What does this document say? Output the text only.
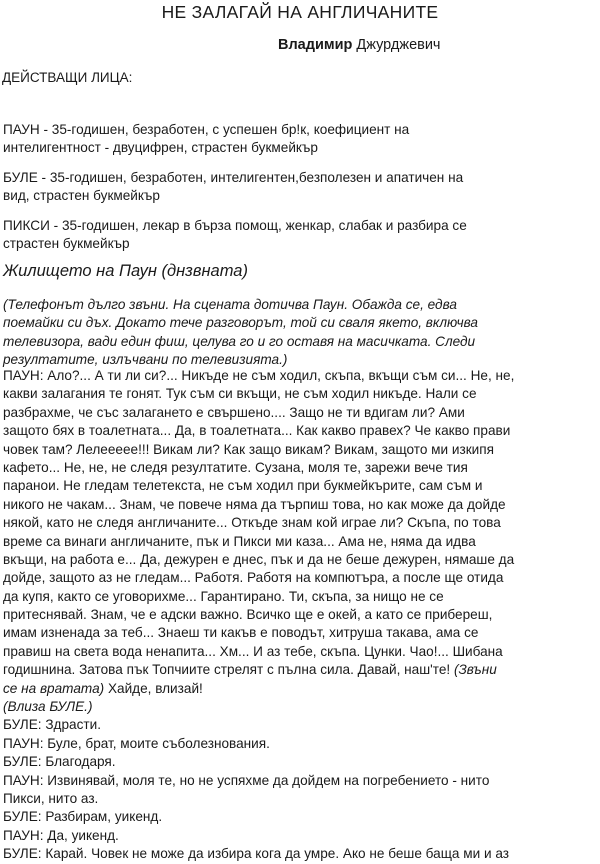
НЕ ЗАЛАГАЙ НА АНГЛИЧАНИТЕ
Владимир Джурджевич
ДЕЙСТВАЩИ ЛИЦА:
ПАУН - 35-годишен, безработен, с успешен бр!к, коефициент на
интелигентност - двуцифрен, страстен букмейкър
БУЛЕ - 35-годишен, безработен, интелигентен,безполезен и апатичен на
вид, страстен букмейкър
ПИКСИ - 35-годишен, лекар в бърза помощ, женкар, слабак и разбира се
страстен букмейкър
Жилището на Паун (днзвната)
(Телефонът дълго звъни. На сцената дотичва Паун. Обажда се, едва
поемайки си дъх. Докато тече разговорът, той си сваля якето, включва
телевизора, вади един фиш, целува го и го оставя на масичката. Следи
резултатите, излъчвани по телевизията.)
ПАУН: Ало?... А ти ли си?... Никъде не съм ходил, скъпа, вкъщи съм си... Не, не,
какви залагания те гонят. Тук съм си вкъщи, не съм ходил никъде. Нали се
разбрахме, че със залагането е свършено.... Защо не ти вдигам ли? Ами
защото бях в тоалетната... Да, в тоалетната... Как какво правех? Че какво прави
човек там? Лелеееее!!! Викам ли? Как защо викам? Викам, защото ми изкипя
кафето... Не, не, не следя резултатите. Сузана, моля те, зарежи вече тия
паранои. Не гледам телетекста, не съм ходил при букмейкърите, сам съм и
никого не чакам... Знам, че повече няма да търпиш това, но как може да дойде
някой, като не следя англичаните... Откъде знам кой играе ли? Скъпа, по това
време са винаги англичаните, пък и Пикси ми каза... Ама не, няма да идва
вкъщи, на работа е... Да, дежурен е днес, пък и да не беше дежурен, нямаше да
дойде, защото аз не гледам... Работя. Работя на компютъра, а после ще отида
да купя, както се уговорихме... Гарантирано. Ти, скъпа, за нищо не се
притеснявай. Знам, че е адски важно. Всичко ще е окей, а като се прибереш,
имам изненада за теб... Знаеш ти какъв е поводът, хитруша такава, ама се
правиш на света вода ненапита... Хм... И аз тебе, скъпа. Цунки. Чао!... Шибана
годишнина. Затова пък Топчиите стрелят с пълна сила. Давай, наш'те! (Звъни
се на вратата) Хайде, влизай!
(Влиза БУЛЕ.)
БУЛЕ: Здрасти.
ПАУН: Буле, брат, моите съболезнования.
БУЛЕ: Благодаря.
ПАУН: Извинявай, моля те, но не успяхме да дойдем на погребението - нито
Пикси, нито аз.
БУЛЕ: Разбирам, уикенд.
ПАУН: Да, уикенд.
БУЛЕ: Карай. Човек не може да избира кога да умре. Ако не беше баща ми и аз
